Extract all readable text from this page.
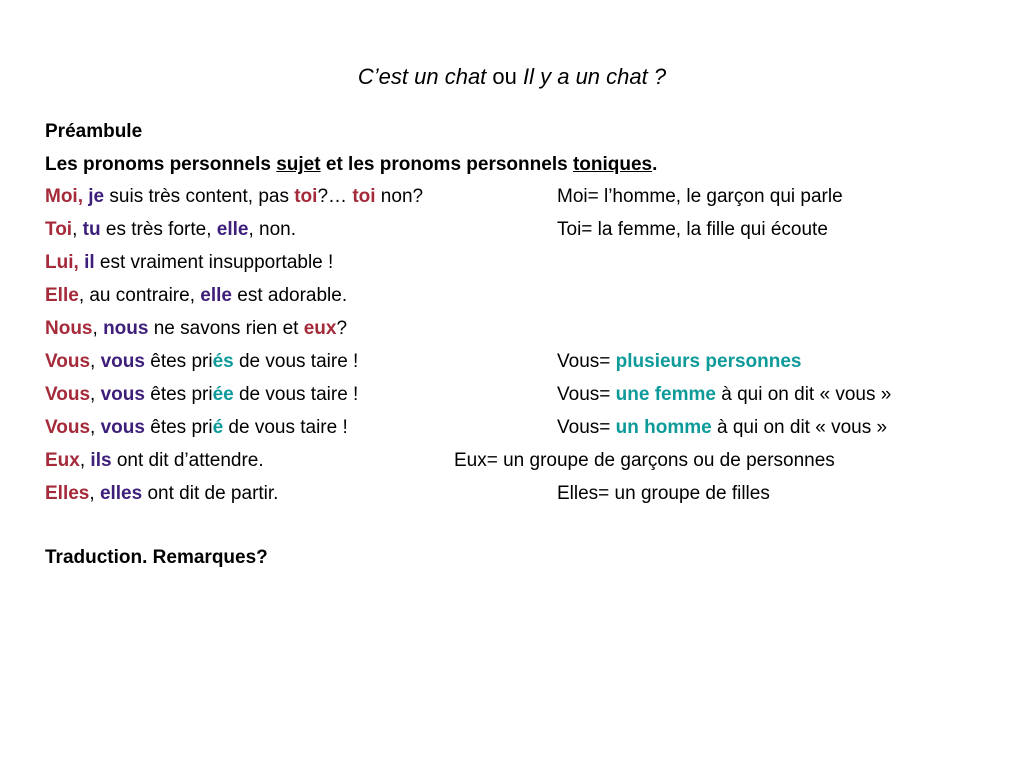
C’est un chat ou Il y a un chat ?
Préambule
Les pronoms personnels sujet et les pronoms personnels toniques.
Moi, je suis très content, pas toi?… toi non?	Moi= l’homme, le garçon qui parle
Toi, tu es très forte, elle, non.	Toi= la femme, la fille qui écoute
Lui, il est vraiment insupportable !
Elle, au contraire, elle est adorable.
Nous, nous ne savons rien et eux?
Vous, vous êtes priés de vous taire !	Vous= plusieurs personnes
Vous, vous êtes priée de vous taire !	Vous= une femme à qui on dit « vous »
Vous, vous êtes prié de vous taire !	Vous= un homme à qui on dit « vous »
Eux, ils ont dit d’attendre.	Eux= un groupe de garçons ou de personnes
Elles, elles ont dit de partir.	Elles= un groupe de filles
Traduction. Remarques?
